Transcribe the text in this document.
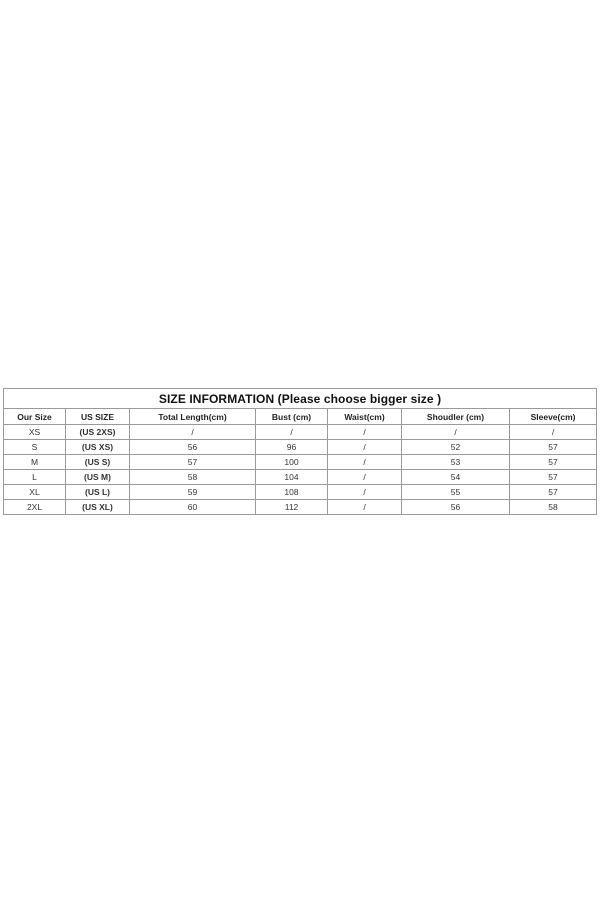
SIZE INFORMATION (Please choose bigger size )						
Our Size	US SIZE	Total Length(cm)	Bust (cm)	Waist(cm)	Shoudler (cm)	Sleeve(cm)
XS	(US 2XS)	/	/	/	/	/
S	(US XS)	56	96	/	52	57
M	(US S)	57	100	/	53	57
L	(US M)	58	104	/	54	57
XL	(US L)	59	108	/	55	57
2XL	(US XL)	60	112	/	56	58
